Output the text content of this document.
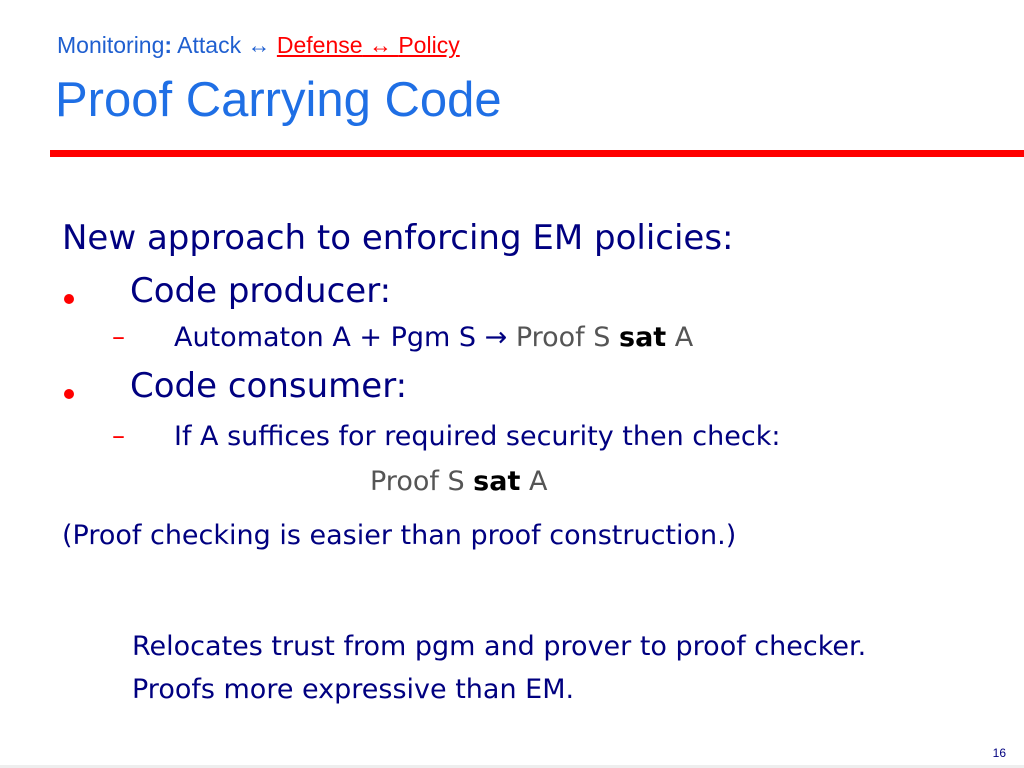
Monitoring: Attack ↔ Defense ↔ Policy
Proof Carrying Code
New approach to enforcing EM policies:
Code producer:
– Automaton A + Pgm S → Proof S sat A
Code consumer:
– If A suffices for required security then check:
Proof S sat A
(Proof checking is easier than proof construction.)
Relocates trust from pgm and prover to proof checker.
Proofs more expressive than EM.
16
